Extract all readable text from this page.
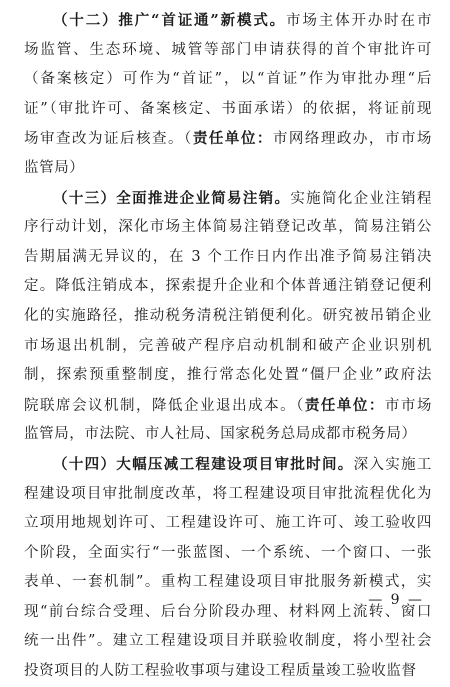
（十二）推广“首证通”新模式。市场主体开办时在市
场监管、生态环境、城管等部门申请获得的首个审批许可
（备案核定）可作为“首证”，以“首证”作为审批办理“后
证”（审批许可、备案核定、书面承诺）的依据，将证前现
场审查改为证后核查。（责任单位：市网络理政办，市市场
监管局）
（十三）全面推进企业简易注销。实施简化企业注销程
序行动计划，深化市场主体简易注销登记改革，简易注销公
告期届满无异议的，在 3 个工作日内作出准予简易注销决
定。降低注销成本，探索提升企业和个体普通注销登记便利
化的实施路径，推动税务清税注销便利化。研究被吊销企业
市场退出机制，完善破产程序启动机制和破产企业识别机
制，探索预重整制度，推行常态化处置“僵尸企业”政府法
院联席会议机制，降低企业退出成本。（责任单位：市市场
监管局，市法院、市人社局、国家税务总局成都市税务局）
（十四）大幅压减工程建设项目审批时间。深入实施工
程建设项目审批制度改革，将工程建设项目审批流程优化为
立项用地规划许可、工程建设许可、施工许可、竣工验收四
个阶段，全面实行“一张蓝图、一个系统、一个窗口、一张
表单、一套机制”。重构工程建设项目审批服务新模式，实
现“前台综合受理、后台分阶段办理、材料网上流转、窗口
统一出件”。建立工程建设项目并联验收制度，将小型社会
投资项目的人防工程验收事项与建设工程质量竣工验收监督
— 9 —
